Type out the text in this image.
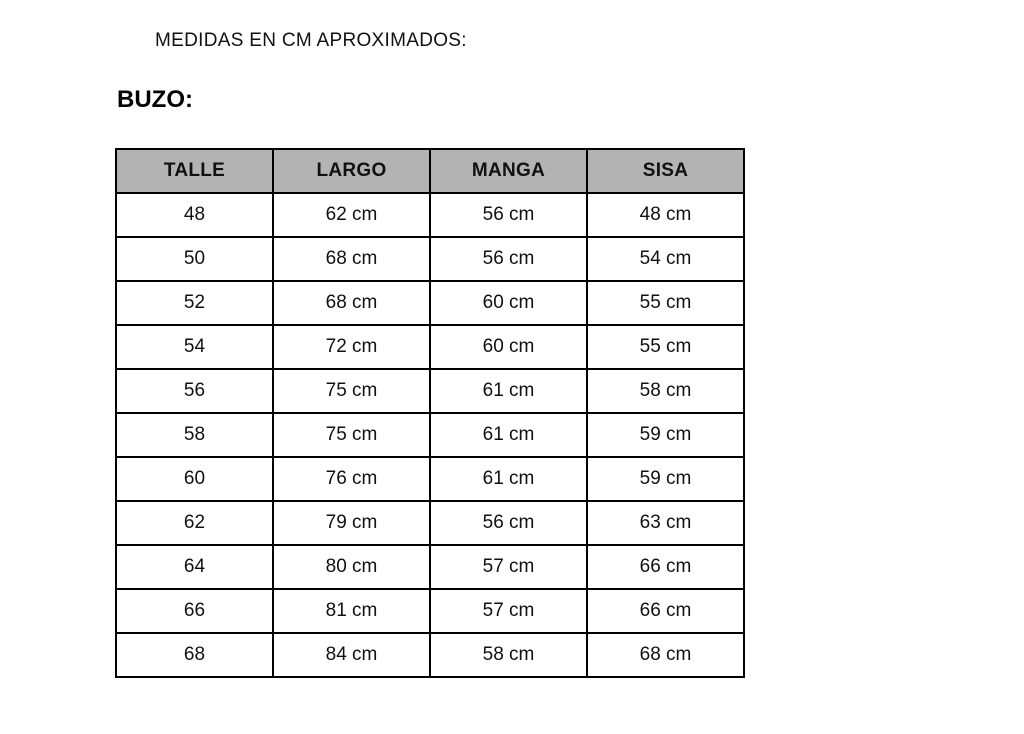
MEDIDAS EN CM APROXIMADOS:
BUZO:
TALLE	LARGO	MANGA	SISA
48	62 cm	56 cm	48 cm
50	68 cm	56 cm	54 cm
52	68 cm	60 cm	55 cm
54	72 cm	60 cm	55 cm
56	75 cm	61 cm	58 cm
58	75 cm	61 cm	59 cm
60	76 cm	61 cm	59 cm
62	79 cm	56 cm	63 cm
64	80 cm	57 cm	66 cm
66	81 cm	57 cm	66 cm
68	84 cm	58 cm	68 cm
